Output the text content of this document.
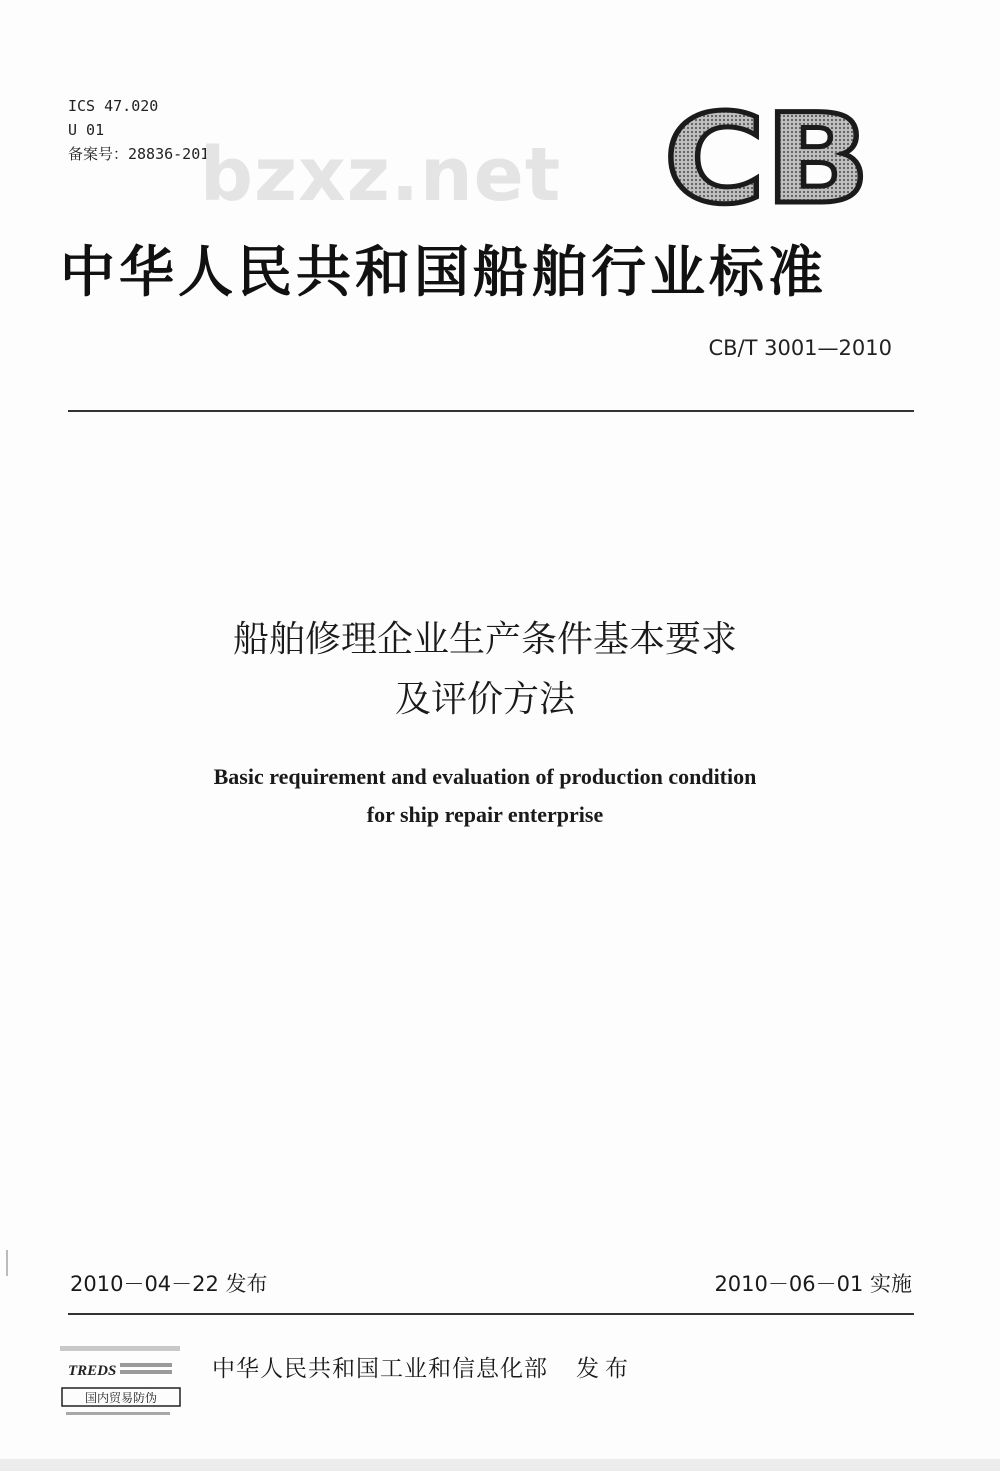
ICS 47.020
U 01
备案号：28836-2010
bzxz.net CB
中华人民共和国船舶行业标准
CB/T 3001—2010
船舶修理企业生产条件基本要求
及评价方法
Basic requirement and evaluation of production condition
for ship repair enterprise
2010－04－22 发布	2010－06－01 实施
TREDS
国内贸易防伪
中华人民共和国工业和信息化部 发布
